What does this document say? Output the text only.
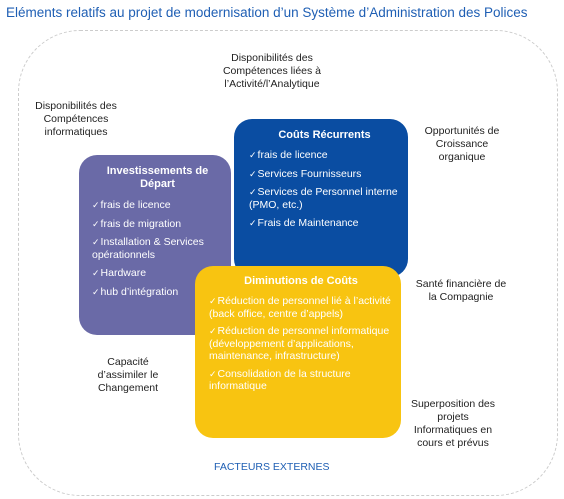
Eléments relatifs au projet de modernisation d’un Système d’Administration des Polices
Disponibilités des Compétences liées à l’Activité/l’Analytique
Disponibilités des Compétences informatiques	Opportunités de Croissance organique
Santé financière de la Compagnie
Capacité d’assimiler le Changement
Superposition des projets Informatiques en cours et prévus
Investissements de Départ
✓ frais de licence
✓ frais de migration
✓ Installation & Services opérationnels
✓ Hardware
✓ hub d’intégration
Coûts Récurrents
✓ frais de licence
✓ Services Fournisseurs
✓ Services de Personnel interne (PMO, etc.)
✓ Frais de Maintenance
Diminutions de Coûts
✓ Réduction de personnel lié à l’activité (back office, centre d’appels)
✓ Réduction de personnel informatique (développement d’applications, maintenance, infrastructure)
✓ Consolidation de la structure informatique
FACTEURS EXTERNES
